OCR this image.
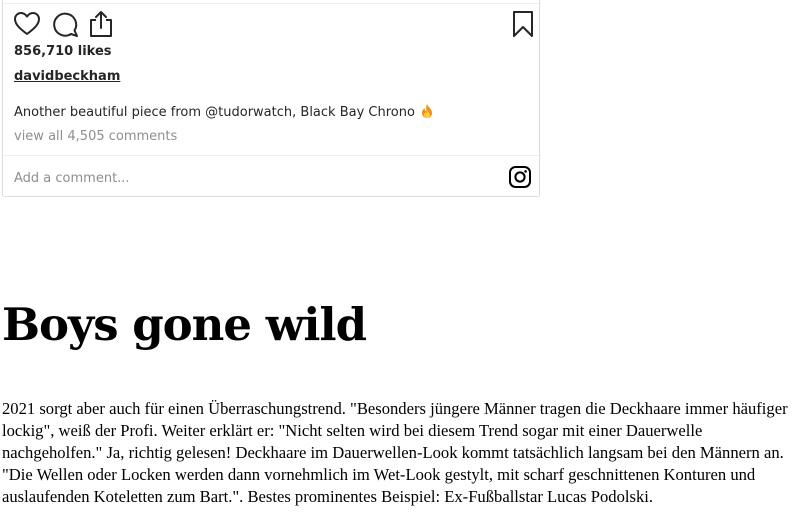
856,710 likes
davidbeckham
Another beautiful piece from @tudorwatch, Black Bay Chrono
view all 4,505 comments
Add a comment...
Boys gone wild

2021 sorgt aber auch für einen Überraschungstrend. "Besonders jüngere Männer tragen die Deckhaare immer häufiger lockig", weiß der Profi. Weiter erklärt er: "Nicht selten wird bei diesem Trend sogar mit einer Dauerwelle nachgeholfen." Ja, richtig gelesen! Deckhaare im Dauerwellen-Look kommt tatsächlich langsam bei den Männern an. "Die Wellen oder Locken werden dann vornehmlich im Wet-Look gestylt, mit scharf geschnittenen Konturen und auslaufenden Koteletten zum Bart.". Bestes prominentes Beispiel: Ex-Fußballstar Lucas Podolski.
